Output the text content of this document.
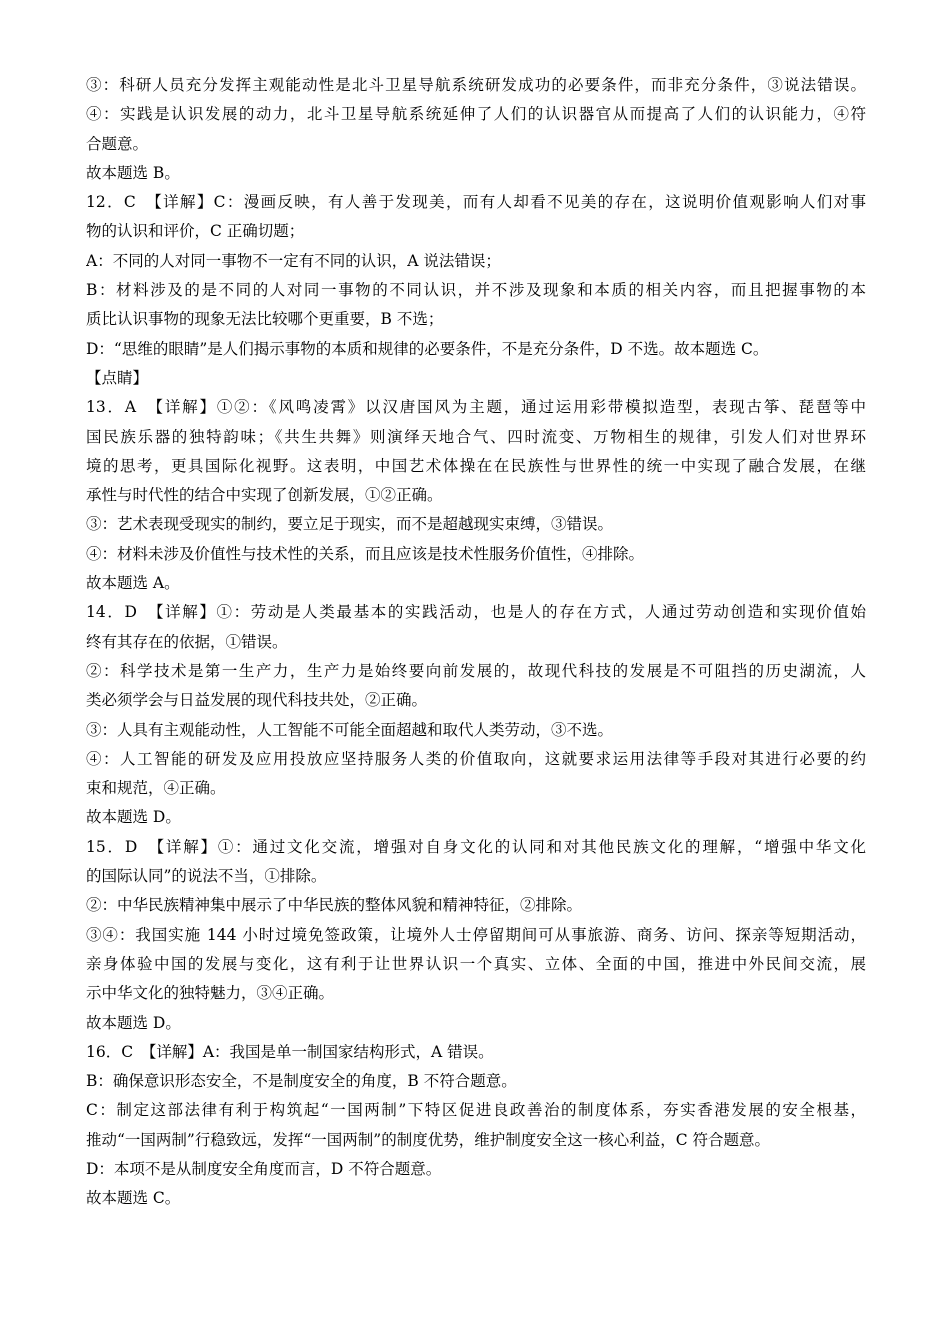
③：科研人员充分发挥主观能动性是北斗卫星导航系统研发成功的必要条件，而非充分条件，③说法错误。
④：实践是认识发展的动力，北斗卫星导航系统延伸了人们的认识器官从而提高了人们的认识能力，④符
合题意。
故本题选 B。
12．C　【详解】C：漫画反映，有人善于发现美，而有人却看不见美的存在，这说明价值观影响人们对事
物的认识和评价，C 正确切题；
A：不同的人对同一事物不一定有不同的认识，A 说法错误；
B：材料涉及的是不同的人对同一事物的不同认识，并不涉及现象和本质的相关内容，而且把握事物的本
质比认识事物的现象无法比较哪个更重要，B 不选；
D：“思维的眼睛”是人们揭示事物的本质和规律的必要条件，不是充分条件，D 不选。故本题选 C。
【点睛】
13．A　【详解】①②：《风鸣凌霄》以汉唐国风为主题，通过运用彩带模拟造型，表现古筝、琵琶等中
国民族乐器的独特韵味；《共生共舞》则演绎天地合气、四时流变、万物相生的规律，引发人们对世界环
境的思考，更具国际化视野。这表明，中国艺术体操在在民族性与世界性的统一中实现了融合发展，在继
承性与时代性的结合中实现了创新发展，①②正确。
③：艺术表现受现实的制约，要立足于现实，而不是超越现实束缚，③错误。
④：材料未涉及价值性与技术性的关系，而且应该是技术性服务价值性，④排除。
故本题选 A。
14．D　【详解】①：劳动是人类最基本的实践活动，也是人的存在方式，人通过劳动创造和实现价值始
终有其存在的依据，①错误。
②：科学技术是第一生产力，生产力是始终要向前发展的，故现代科技的发展是不可阻挡的历史湖流，人
类必须学会与日益发展的现代科技共处，②正确。
③：人具有主观能动性，人工智能不可能全面超越和取代人类劳动，③不选。
④：人工智能的研发及应用投放应坚持服务人类的价值取向，这就要求运用法律等手段对其进行必要的约
束和规范，④正确。
故本题选 D。
15．D　【详解】①：通过文化交流，增强对自身文化的认同和对其他民族文化的理解，“增强中华文化
的国际认同”的说法不当，①排除。
②：中华民族精神集中展示了中华民族的整体风貌和精神特征，②排除。
③④：我国实施 144 小时过境免签政策，让境外人士停留期间可从事旅游、商务、访问、探亲等短期活动，
亲身体验中国的发展与变化，这有利于让世界认识一个真实、立体、全面的中国，推进中外民间交流，展
示中华文化的独特魅力，③④正确。
故本题选 D。
16．C　【详解】A：我国是单一制国家结构形式，A 错误。
B：确保意识形态安全，不是制度安全的角度，B 不符合题意。
C：制定这部法律有利于构筑起“一国两制”下特区促进良政善治的制度体系，夯实香港发展的安全根基，
推动“一国两制”行稳致远，发挥“一国两制”的制度优势，维护制度安全这一核心利益，C 符合题意。
D：本项不是从制度安全角度而言，D 不符合题意。
故本题选 C。
